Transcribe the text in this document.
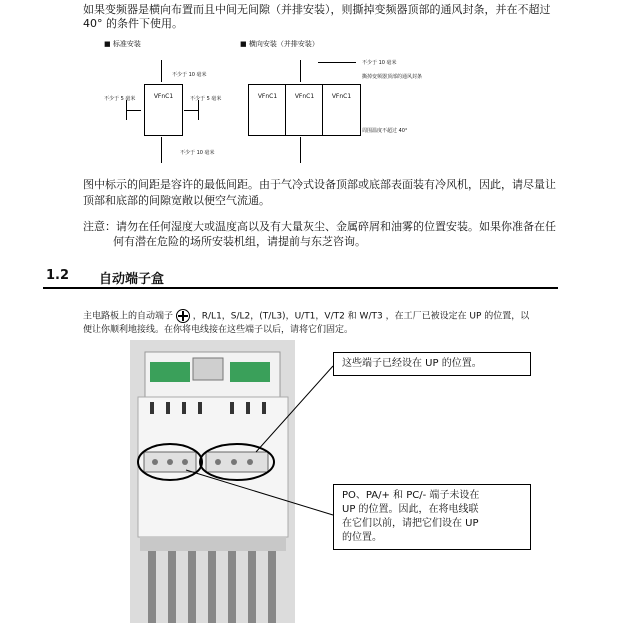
如果变频器是横向布置而且中间无间隙（并排安装），则撕掉变频器顶部的通风封条，并在不超过
40° 的条件下使用。
■ 标准安装	■ 横向安装（并排安装）
VFnC1
不少于 10 毫米
不少于 10 毫米
不少于 5 毫米	不少于 5 毫米	VFnC1	VFnC1	VFnC1
不少于 10 毫米
撕掉变频器顶部的通风封条
周围温度不超过 40°
图中标示的间距是容许的最低间距。由于气冷式设备顶部或底部表面装有冷风机，因此，请尽量让
顶部和底部的间隙宽敞以便空气流通。
注意：请勿在任何湿度大或温度高以及有大量灰尘、金属碎屑和油雾的位置安装。如果你准备在任
何有潜在危险的场所安装机组，请提前与东芝咨询。
1.2 自动端子盒
主电路板上的自动端子 ，R/L1，S/L2，(T/L3)，U/T1，V/T2 和 W/T3 ，在工厂已被设定在 UP 的位置，以
便让你顺利地接线。在你将电线接在这些端子以后，请将它们固定。
这些端子已经设在 UP 的位置。
PO、PA/+ 和 PC/- 端子未设在
UP 的位置。因此，在将电线联
在它们以前，请把它们设在 UP
的位置。
